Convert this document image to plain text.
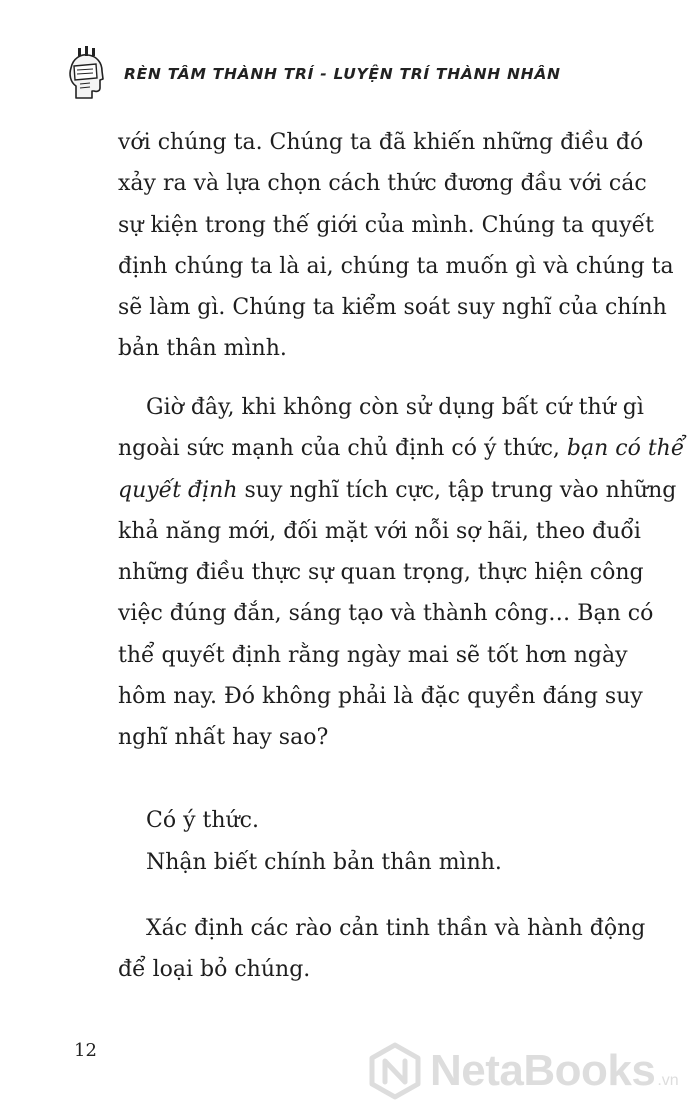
RÈN TÂM THÀNH TRÍ - LUYỆN TRÍ THÀNH NHÂN
với chúng ta. Chúng ta đã khiến những điều đó
xảy ra và lựa chọn cách thức đương đầu với các
sự kiện trong thế giới của mình. Chúng ta quyết
định chúng ta là ai, chúng ta muốn gì và chúng ta
sẽ làm gì. Chúng ta kiểm soát suy nghĩ của chính
bản thân mình.
Giờ đây, khi không còn sử dụng bất cứ thứ gì
ngoài sức mạnh của chủ định có ý thức, bạn có thể
quyết định suy nghĩ tích cực, tập trung vào những
khả năng mới, đối mặt với nỗi sợ hãi, theo đuổi
những điều thực sự quan trọng, thực hiện công
việc đúng đắn, sáng tạo và thành công… Bạn có
thể quyết định rằng ngày mai sẽ tốt hơn ngày
hôm nay. Đó không phải là đặc quyền đáng suy
nghĩ nhất hay sao?
Có ý thức.
Nhận biết chính bản thân mình.
Xác định các rào cản tinh thần và hành động
để loại bỏ chúng.
12	NetaBooks .vn
